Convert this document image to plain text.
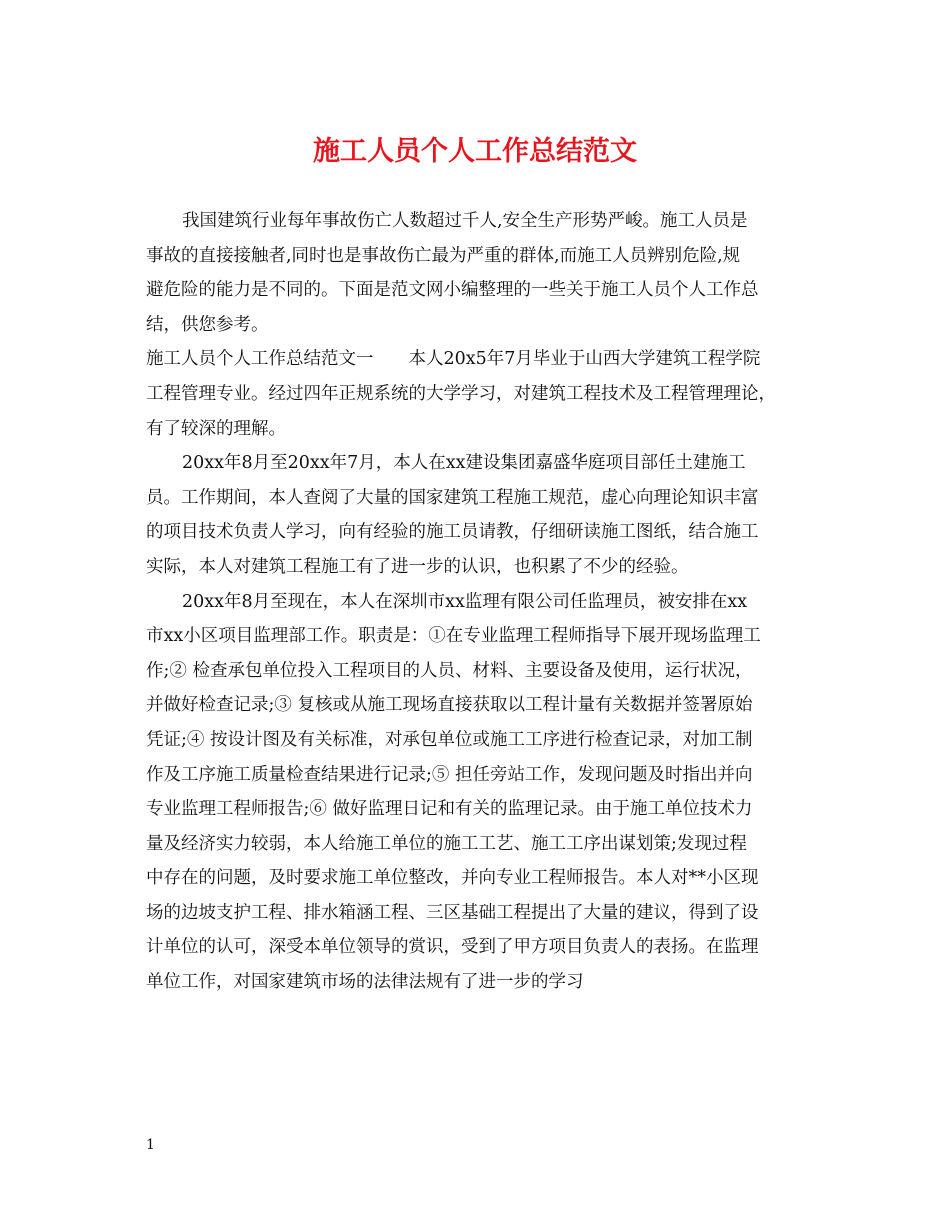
施工人员个人工作总结范文
我国建筑行业每年事故伤亡人数超过千人,安全生产形势严峻。施工人员是
事故的直接接触者,同时也是事故伤亡最为严重的群体,而施工人员辨别危险,规
避危险的能力是不同的。下面是范文网小编整理的一些关于施工人员个人工作总
结，供您参考。
施工人员个人工作总结范文一　　本人20x5年7月毕业于山西大学建筑工程学院
工程管理专业。经过四年正规系统的大学学习，对建筑工程技术及工程管理理论，
有了较深的理解。
20xx年8月至20xx年7月，本人在xx建设集团嘉盛华庭项目部任土建施工
员。工作期间，本人查阅了大量的国家建筑工程施工规范，虚心向理论知识丰富
的项目技术负责人学习，向有经验的施工员请教，仔细研读施工图纸，结合施工
实际，本人对建筑工程施工有了进一步的认识，也积累了不少的经验。
20xx年8月至现在，本人在深圳市xx监理有限公司任监理员，被安排在xx
市xx小区项目监理部工作。职责是：①在专业监理工程师指导下展开现场监理工
作;② 检查承包单位投入工程项目的人员、材料、主要设备及使用，运行状况，
并做好检查记录;③ 复核或从施工现场直接获取以工程计量有关数据并签署原始
凭证;④ 按设计图及有关标准，对承包单位或施工工序进行检查记录，对加工制
作及工序施工质量检查结果进行记录;⑤ 担任旁站工作，发现问题及时指出并向
专业监理工程师报告;⑥ 做好监理日记和有关的监理记录。由于施工单位技术力
量及经济实力较弱，本人给施工单位的施工工艺、施工工序出谋划策;发现过程
中存在的问题，及时要求施工单位整改，并向专业工程师报告。本人对**小区现
场的边坡支护工程、排水箱涵工程、三区基础工程提出了大量的建议，得到了设
计单位的认可，深受本单位领导的赏识，受到了甲方项目负责人的表扬。在监理
单位工作，对国家建筑市场的法律法规有了进一步的学习
1
